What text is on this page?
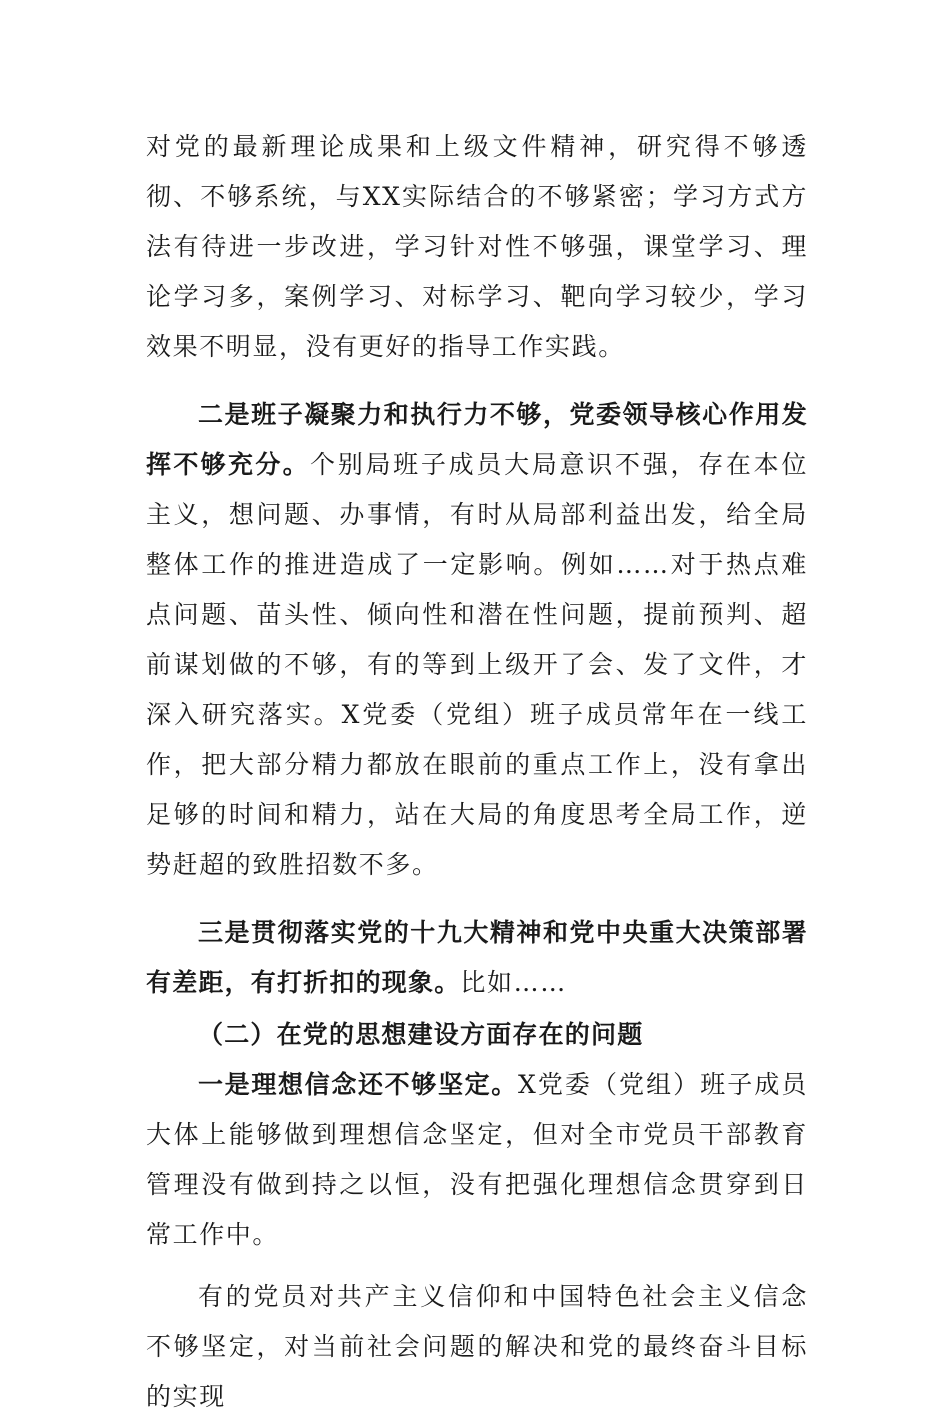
对党的最新理论成果和上级文件精神，研究得不够透彻、不够系统，与XX实际结合的不够紧密；学习方式方法有待进一步改进，学习针对性不够强，课堂学习、理论学习多，案例学习、对标学习、靶向学习较少，学习效果不明显，没有更好的指导工作实践。

二是班子凝聚力和执行力不够，党委领导核心作用发挥不够充分。个别局班子成员大局意识不强，存在本位主义，想问题、办事情，有时从局部利益出发，给全局整体工作的推进造成了一定影响。例如……对于热点难点问题、苗头性、倾向性和潜在性问题，提前预判、超前谋划做的不够，有的等到上级开了会、发了文件，才深入研究落实。X党委（党组）班子成员常年在一线工作，把大部分精力都放在眼前的重点工作上，没有拿出足够的时间和精力，站在大局的角度思考全局工作，逆势赶超的致胜招数不多。

三是贯彻落实党的十九大精神和党中央重大决策部署有差距，有打折扣的现象。比如……

（二）在党的思想建设方面存在的问题

一是理想信念还不够坚定。X党委（党组）班子成员大体上能够做到理想信念坚定，但对全市党员干部教育管理没有做到持之以恒，没有把强化理想信念贯穿到日常工作中。

有的党员对共产主义信仰和中国特色社会主义信念不够坚定，对当前社会问题的解决和党的最终奋斗目标的实现
